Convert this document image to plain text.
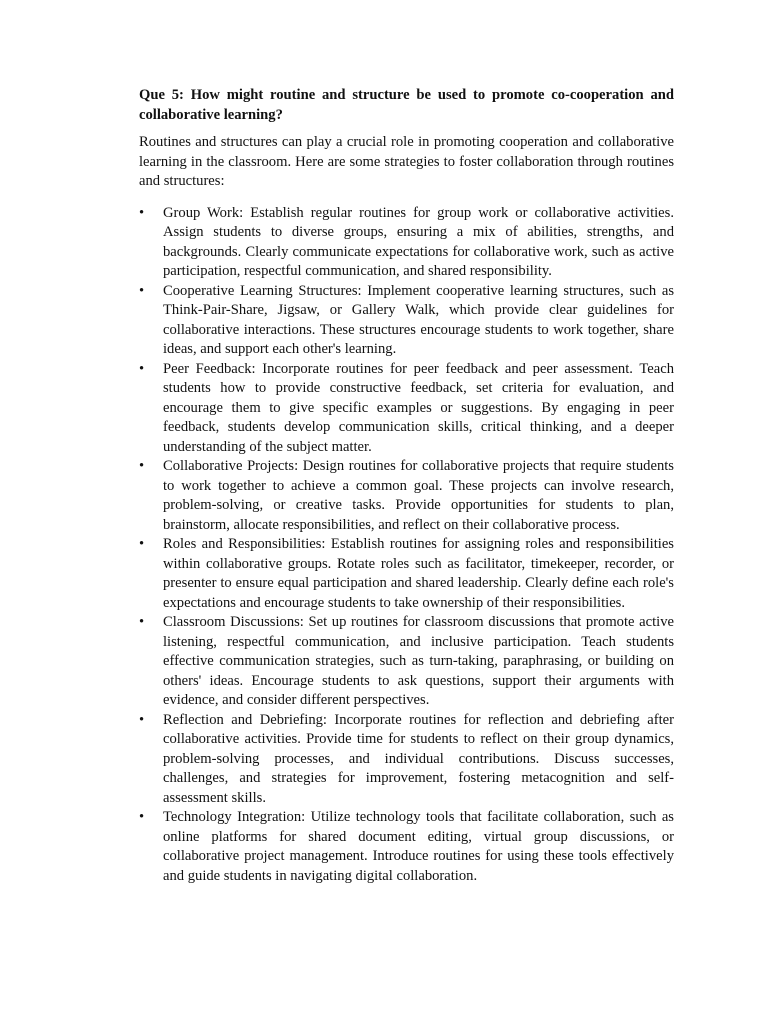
Que 5: How might routine and structure be used to promote co-cooperation and collaborative learning?

Routines and structures can play a crucial role in promoting cooperation and collaborative learning in the classroom. Here are some strategies to foster collaboration through routines and structures:

•	Group Work: Establish regular routines for group work or collaborative activities. Assign students to diverse groups, ensuring a mix of abilities, strengths, and backgrounds. Clearly communicate expectations for collaborative work, such as active participation, respectful communication, and shared responsibility.
•	Cooperative Learning Structures: Implement cooperative learning structures, such as Think-Pair-Share, Jigsaw, or Gallery Walk, which provide clear guidelines for collaborative interactions. These structures encourage students to work together, share ideas, and support each other's learning.
•	Peer Feedback: Incorporate routines for peer feedback and peer assessment. Teach students how to provide constructive feedback, set criteria for evaluation, and encourage them to give specific examples or suggestions. By engaging in peer feedback, students develop communication skills, critical thinking, and a deeper understanding of the subject matter.
•	Collaborative Projects: Design routines for collaborative projects that require students to work together to achieve a common goal. These projects can involve research, problem-solving, or creative tasks. Provide opportunities for students to plan, brainstorm, allocate responsibilities, and reflect on their collaborative process.
•	Roles and Responsibilities: Establish routines for assigning roles and responsibilities within collaborative groups. Rotate roles such as facilitator, timekeeper, recorder, or presenter to ensure equal participation and shared leadership. Clearly define each role's expectations and encourage students to take ownership of their responsibilities.
•	Classroom Discussions: Set up routines for classroom discussions that promote active listening, respectful communication, and inclusive participation. Teach students effective communication strategies, such as turn-taking, paraphrasing, or building on others' ideas. Encourage students to ask questions, support their arguments with evidence, and consider different perspectives.
•	Reflection and Debriefing: Incorporate routines for reflection and debriefing after collaborative activities. Provide time for students to reflect on their group dynamics, problem-solving processes, and individual contributions. Discuss successes, challenges, and strategies for improvement, fostering metacognition and self-assessment skills.
•	Technology Integration: Utilize technology tools that facilitate collaboration, such as online platforms for shared document editing, virtual group discussions, or collaborative project management. Introduce routines for using these tools effectively and guide students in navigating digital collaboration.
